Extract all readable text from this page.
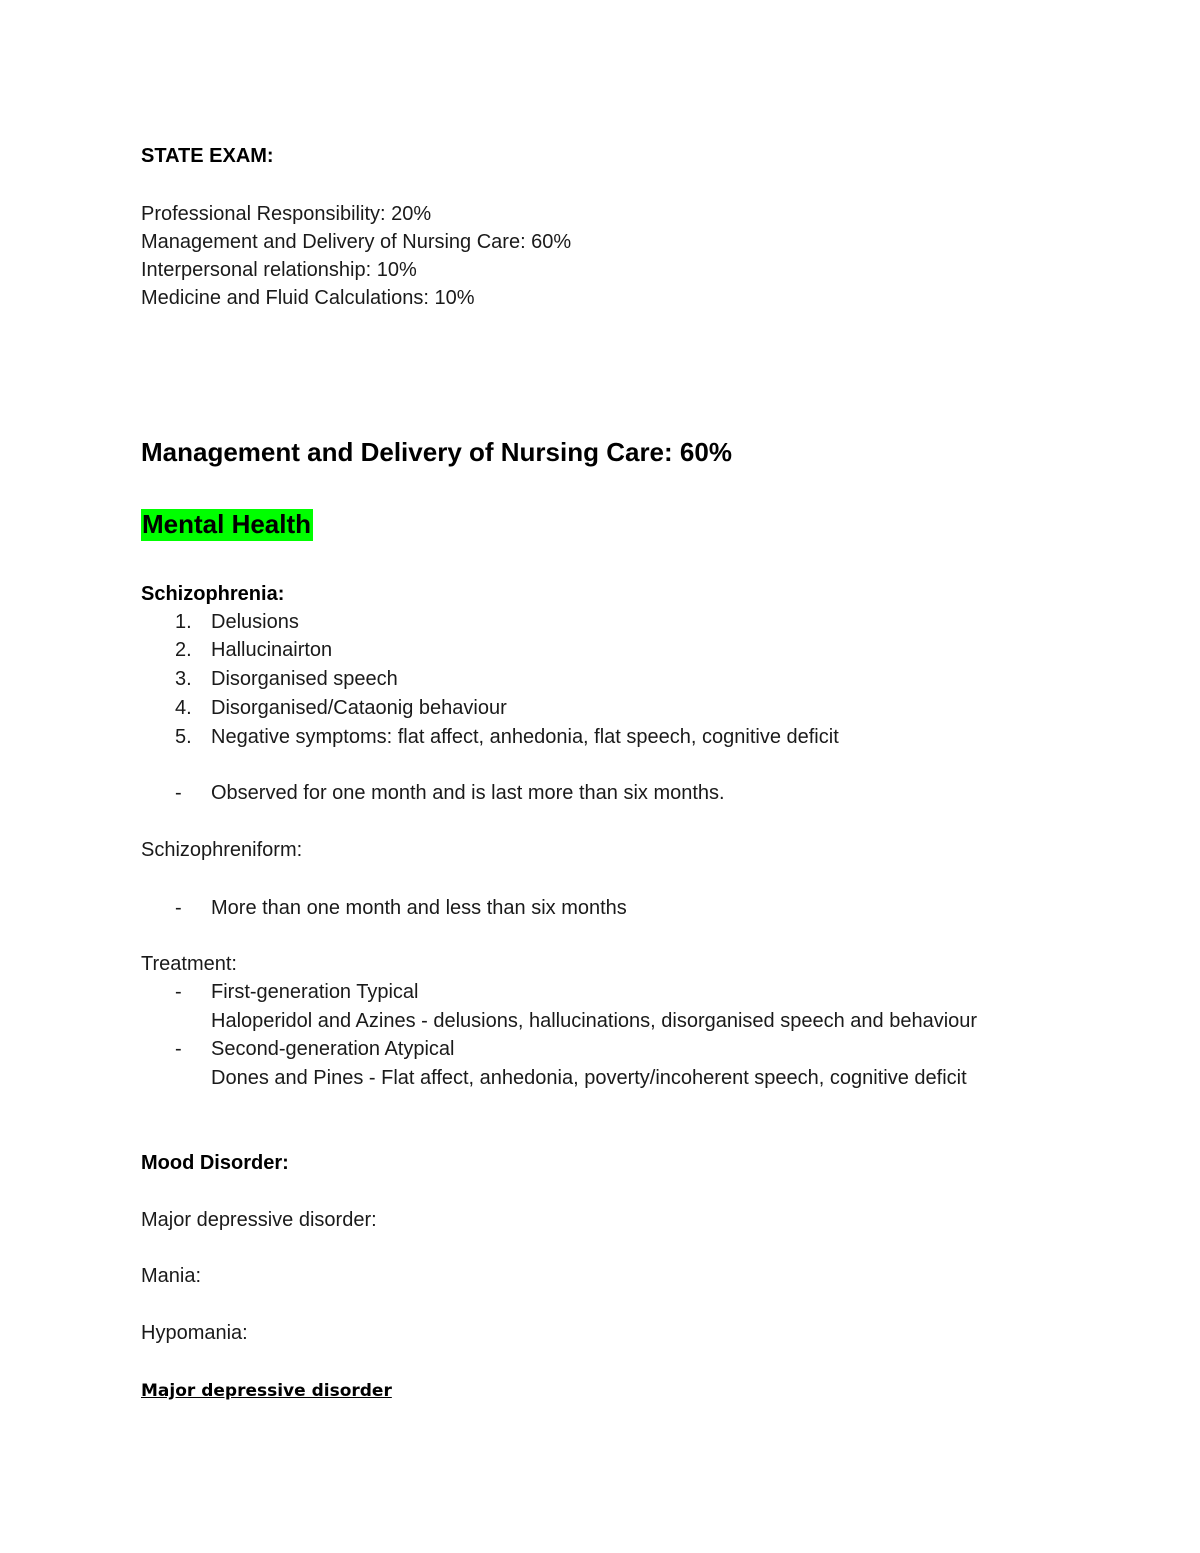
STATE EXAM:
Professional Responsibility: 20%
Management and Delivery of Nursing Care: 60%
Interpersonal relationship: 10%
Medicine and Fluid Calculations: 10%
Management and Delivery of Nursing Care: 60%
Mental Health
Schizophrenia:
1. Delusions
2. Hallucinairton
3. Disorganised speech
4. Disorganised/Cataonig behaviour
5. Negative symptoms: flat affect, anhedonia, flat speech, cognitive deficit
- Observed for one month and is last more than six months.
Schizophreniform:
- More than one month and less than six months
Treatment:
- First-generation Typical
Haloperidol and Azines - delusions, hallucinations, disorganised speech and behaviour
- Second-generation Atypical
Dones and Pines - Flat affect, anhedonia, poverty/incoherent speech, cognitive deficit
Mood Disorder:
Major depressive disorder:
Mania:
Hypomania:
Major depressive disorder
